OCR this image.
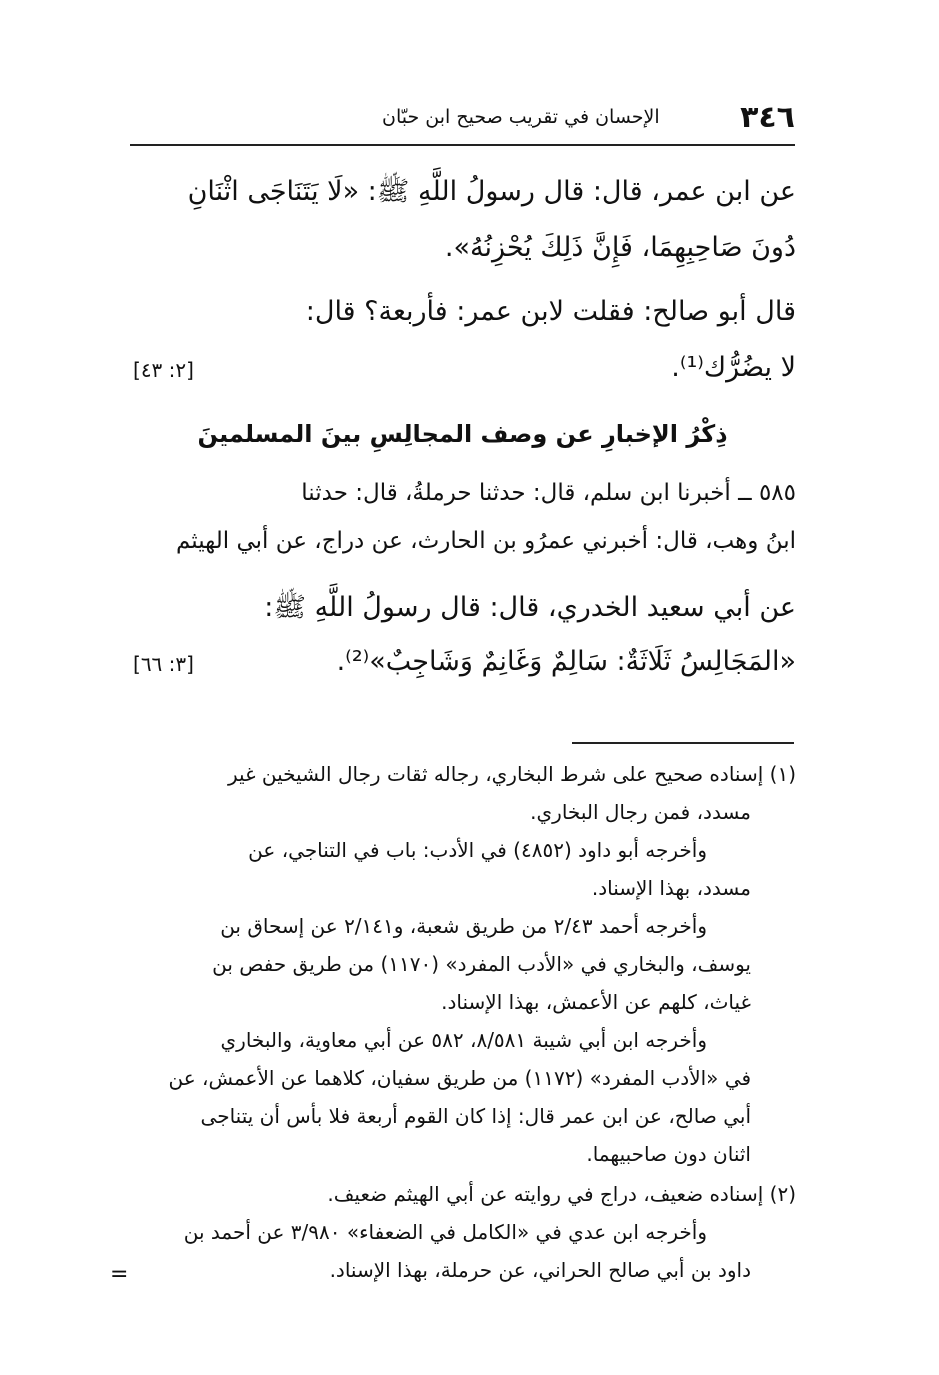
٣٤٦
الإحسان في تقريب صحيح ابن حبّان
عن ابن عمر، قال: قال رسولُ اللَّهِ ﷺ: «لَا يَتَنَاجَى اثْنَانِ
دُونَ صَاحِبِهِمَا، فَإِنَّ ذَلِكَ يُحْزِنُهُ».
قال أبو صالح: فقلت لابن عمر: فأربعة؟ قال:
لا يضُرُّك⁽¹⁾.
[٢: ٤٣]
ذِكْرُ الإخبارِ عن وصف المجالِسِ بينَ المسلمينَ
٥٨٥ ــ أخبرنا ابن سلم، قال: حدثنا حرملةُ، قال: حدثنا
ابنُ وهب، قال: أخبرني عمرُو بن الحارث، عن دراج، عن أبي الهيثم
عن أبي سعيد الخدري، قال: قال رسولُ اللَّهِ ﷺ:
«المَجَالِسُ ثَلَاثَةٌ: سَالِمٌ وَغَانِمٌ وَشَاجِبٌ»⁽²⁾.
[٣: ٦٦]
(١) إسناده صحيح على شرط البخاري، رجاله ثقات رجال الشيخين غير
مسدد، فمن رجال البخاري.
وأخرجه أبو داود (٤٨٥٢) في الأدب: باب في التناجي، عن
مسدد، بهذا الإسناد.
وأخرجه أحمد ٢/٤٣ من طريق شعبة، و٢/١٤١ عن إسحاق بن
يوسف، والبخاري في «الأدب المفرد» (١١٧٠) من طريق حفص بن
غياث، كلهم عن الأعمش، بهذا الإسناد.
وأخرجه ابن أبي شيبة ٨/٥٨١، ٥٨٢ عن أبي معاوية، والبخاري
في «الأدب المفرد» (١١٧٢) من طريق سفيان، كلاهما عن الأعمش، عن
أبي صالح، عن ابن عمر قال: إذا كان القوم أربعة فلا بأس أن يتناجى
اثنان دون صاحبيهما.
(٢) إسناده ضعيف، دراج في روايته عن أبي الهيثم ضعيف.
وأخرجه ابن عدي في «الكامل في الضعفاء» ٣/٩٨٠ عن أحمد بن
داود بن أبي صالح الحراني، عن حرملة، بهذا الإسناد.
=
